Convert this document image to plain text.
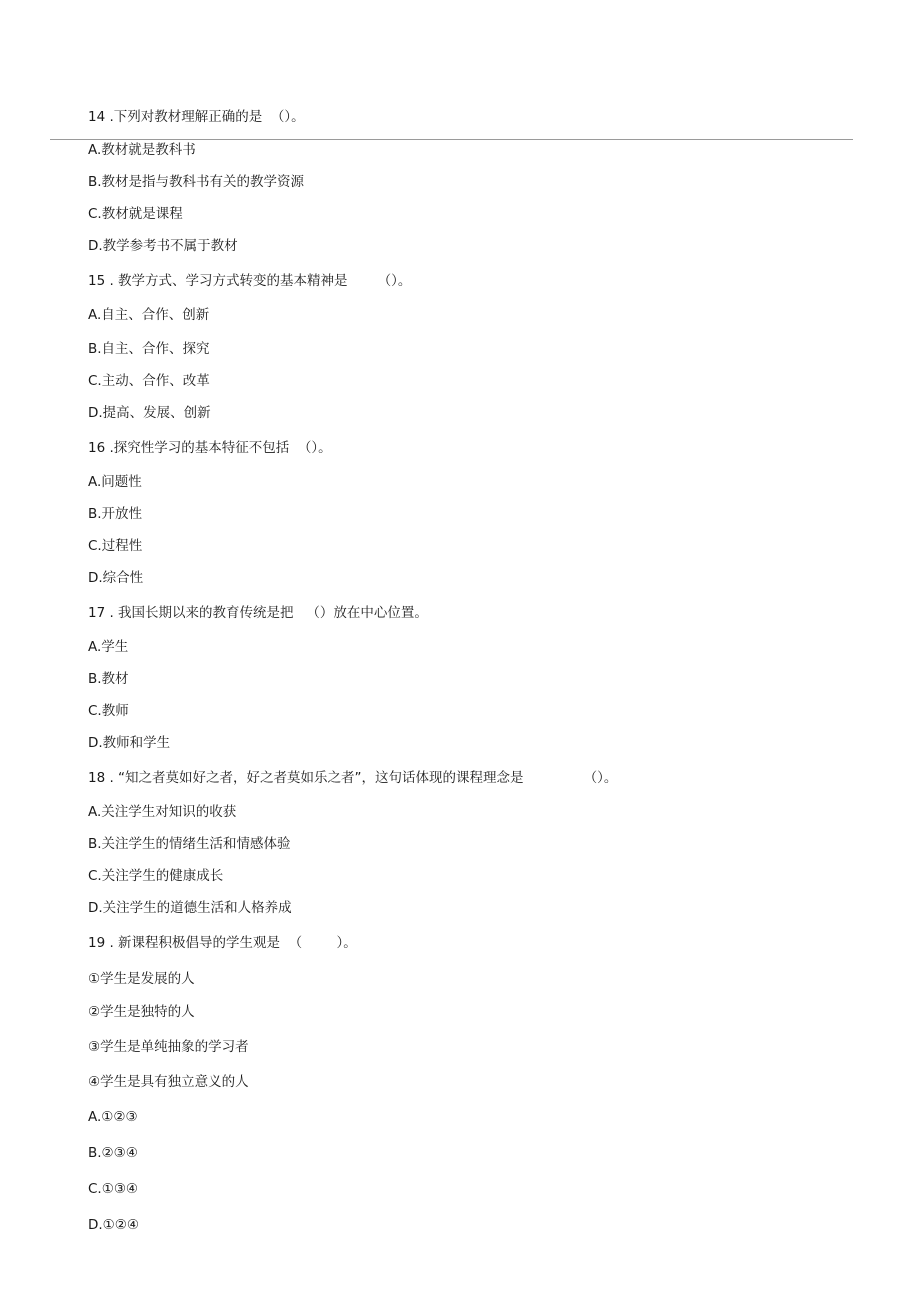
14 .下列对教材理解正确的是  （）。
A.教材就是教科书
B.教材是指与教科书有关的教学资源
C.教材就是课程
D.教学参考书不属于教材
15 . 教学方式、学习方式转变的基本精神是       （）。
A.自主、合作、创新
B.自主、合作、探究
C.主动、合作、改革
D.提高、发展、创新
16 .探究性学习的基本特征不包括  （）。
A.问题性
B.开放性
C.过程性
D.综合性
17 . 我国长期以来的教育传统是把   （）放在中心位置。
A.学生
B.教材
C.教师
D.教师和学生
18 . “知之者莫如好之者，好之者莫如乐之者”，这句话体现的课程理念是              （）。
A.关注学生对知识的收获
B.关注学生的情绪生活和情感体验
C.关注学生的健康成长
D.关注学生的道德生活和人格养成
19 . 新课程积极倡导的学生观是  （        ）。
①学生是发展的人
②学生是独特的人
③学生是单纯抽象的学习者
④学生是具有独立意义的人
A.①②③
B.②③④
C.①③④
D.①②④
